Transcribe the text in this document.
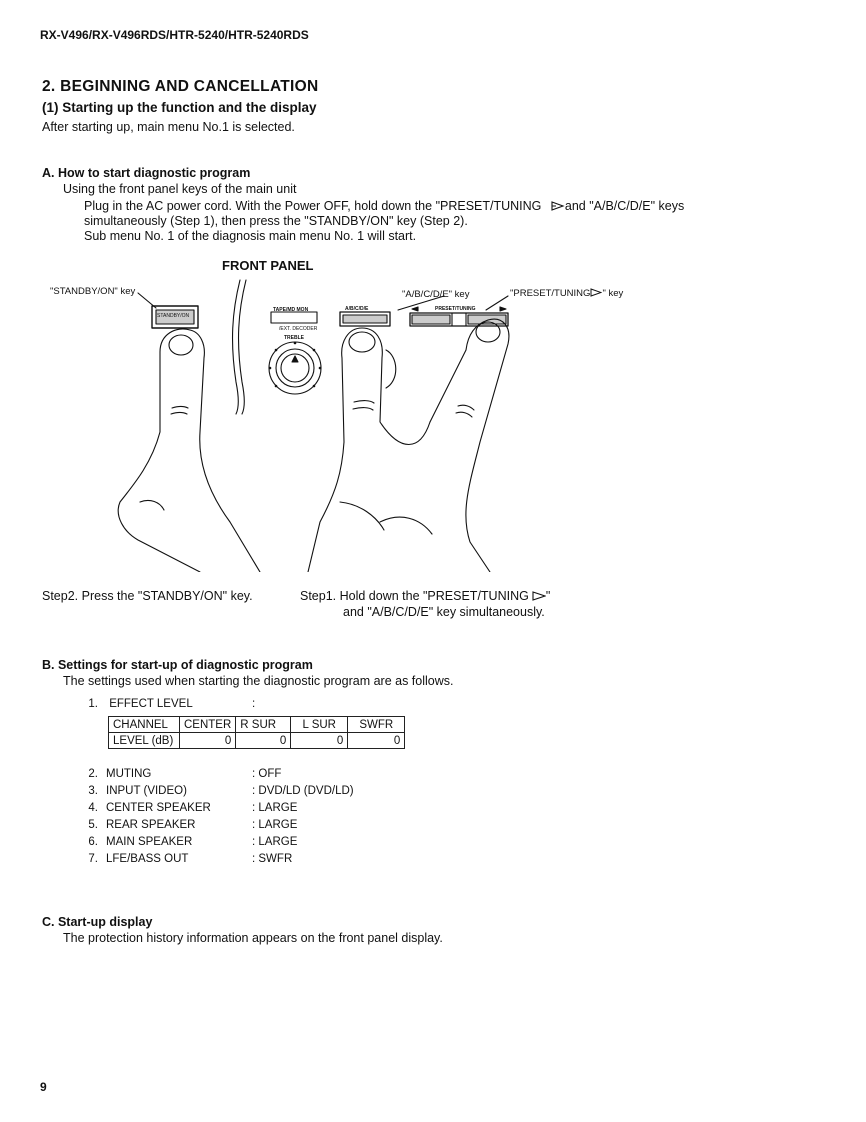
RX-V496/RX-V496RDS/HTR-5240/HTR-5240RDS
2. BEGINNING AND CANCELLATION
(1) Starting up the function and the display
After starting up, main menu No.1 is selected.
A. How to start diagnostic program
Using the front panel keys of the main unit
Plug in the AC power cord. With the Power OFF, hold down the "PRESET/TUNING and "A/B/C/D/E" keys
simultaneously (Step 1), then press the "STANDBY/ON" key (Step 2).
Sub menu No. 1 of the diagnosis main menu No. 1 will start.
FRONT PANEL
"STANDBY/ON" key	"A/B/C/D/E" key	"PRESET/TUNING " key
STANDBY/ON
TAPE/MD MON
/EXT. DECODER
TREBLE
A/B/C/D/E	PRESET/TUNING
Step2. Press the "STANDBY/ON" key.	Step1. Hold down the "PRESET/TUNING "
and "A/B/C/D/E" key simultaneously.
B. Settings for start-up of diagnostic program
The settings used when starting the diagnostic program are as follows.
1. EFFECT LEVEL	:
CHANNEL	CENTER	R SUR	L SUR	SWFR
LEVEL (dB)	0	0	0	0
2. MUTING	: OFF
3. INPUT (VIDEO)	: DVD/LD (DVD/LD)
4. CENTER SPEAKER	: LARGE
5. REAR SPEAKER	: LARGE
6. MAIN SPEAKER	: LARGE
7. LFE/BASS OUT	: SWFR
C. Start-up display
The protection history information appears on the front panel display.
9
